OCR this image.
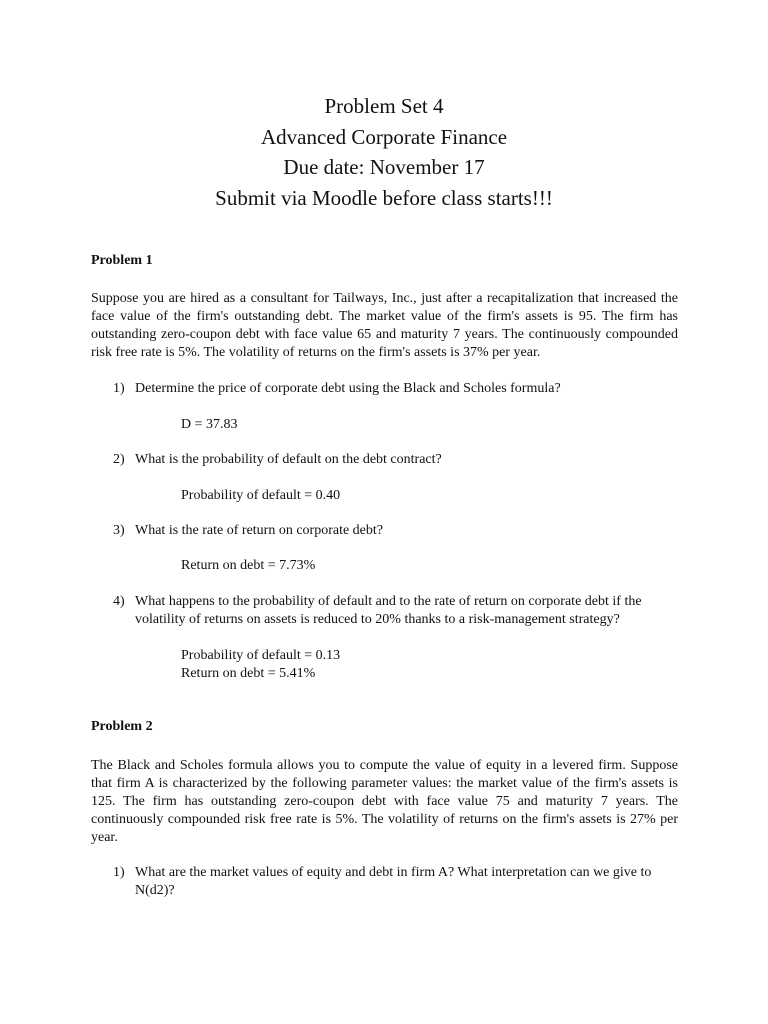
Problem Set 4

Advanced Corporate Finance

Due date: November 17

Submit via Moodle before class starts!!!

Problem 1

Suppose you are hired as a consultant for Tailways, Inc., just after a recapitalization that increased the face value of the firm's outstanding debt. The market value of the firm's assets is 95. The firm has outstanding zero-coupon debt with face value 65 and maturity 7 years. The continuously compounded risk free rate is 5%. The volatility of returns on the firm's assets is 37% per year.

1) Determine the price of corporate debt using the Black and Scholes formula?

D = 37.83

2) What is the probability of default on the debt contract?

Probability of default = 0.40

3) What is the rate of return on corporate debt?

Return on debt = 7.73%

4) What happens to the probability of default and to the rate of return on corporate debt if the volatility of returns on assets is reduced to 20% thanks to a risk-management strategy?

Probability of default = 0.13

Return on debt = 5.41%

Problem 2

The Black and Scholes formula allows you to compute the value of equity in a levered firm. Suppose that firm A is characterized by the following parameter values: the market value of the firm's assets is 125. The firm has outstanding zero-coupon debt with face value 75 and maturity 7 years. The continuously compounded risk free rate is 5%. The volatility of returns on the firm's assets is 27% per year.

1) What are the market values of equity and debt in firm A? What interpretation can we give to N(d2)?
